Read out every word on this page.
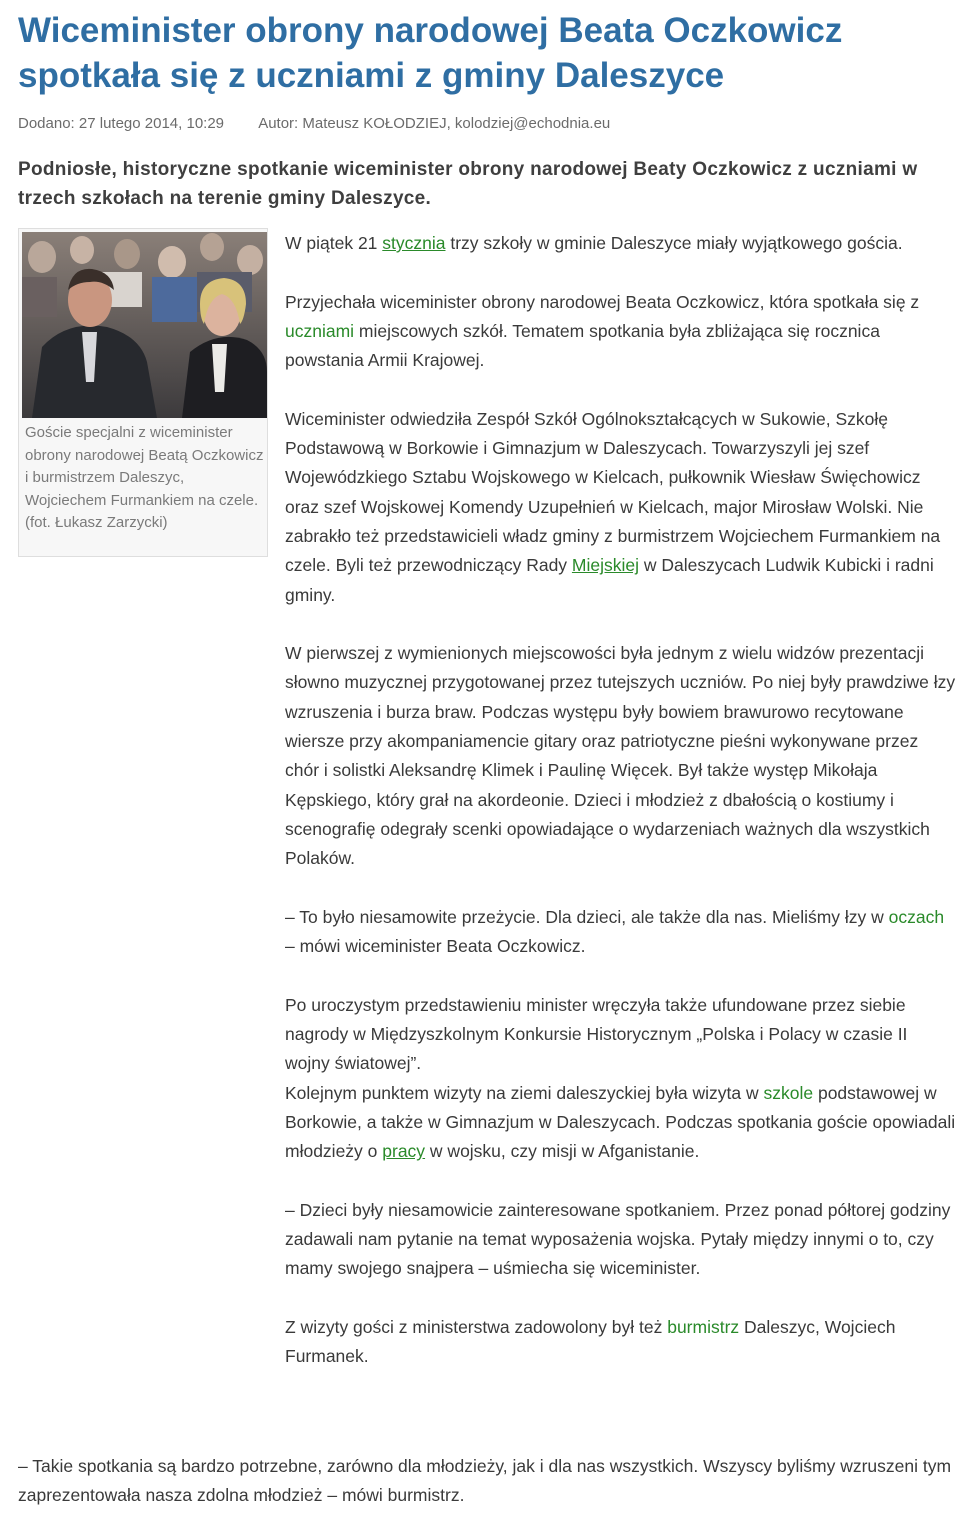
Wiceminister obrony narodowej Beata Oczkowicz spotkała się z uczniami z gminy Daleszyce
Dodano: 27 lutego 2014, 10:29 Autor: Mateusz KOŁODZIEJ, kolodziej@echodnia.eu

Podniosłe, historyczne spotkanie wiceminister obrony narodowej Beaty Oczkowicz z uczniami w trzech szkołach na terenie gminy Daleszyce.

Goście specjalni z wiceminister obrony narodowej Beatą Oczkowicz i burmistrzem Daleszyc, Wojciechem Furmankiem na czele. (fot. Łukasz Zarzycki)

W piątek 21 stycznia trzy szkoły w gminie Daleszyce miały wyjątkowego gościa.

Przyjechała wiceminister obrony narodowej Beata Oczkowicz, która spotkała się z uczniami miejscowych szkół. Tematem spotkania była zbliżająca się rocznica powstania Armii Krajowej.

Wiceminister odwiedziła Zespół Szkół Ogólnokształcących w Sukowie, Szkołę Podstawową w Borkowie i Gimnazjum w Daleszycach. Towarzyszyli jej szef Wojewódzkiego Sztabu Wojskowego w Kielcach, pułkownik Wiesław Święchowicz oraz szef Wojskowej Komendy Uzupełnień w Kielcach, major Mirosław Wolski. Nie zabrakło też przedstawicieli władz gminy z burmistrzem Wojciechem Furmankiem na czele. Byli też przewodniczący Rady Miejskiej w Daleszycach Ludwik Kubicki i radni gminy.

W pierwszej z wymienionych miejscowości była jednym z wielu widzów prezentacji słowno muzycznej przygotowanej przez tutejszych uczniów. Po niej były prawdziwe łzy wzruszenia i burza braw. Podczas występu były bowiem brawurowo recytowane wiersze przy akompaniamencie gitary oraz patriotyczne pieśni wykonywane przez chór i solistki Aleksandrę Klimek i Paulinę Więcek. Był także występ Mikołaja Kępskiego, który grał na akordeonie. Dzieci i młodzież z dbałością o kostiumy i scenografię odegrały scenki opowiadające o wydarzeniach ważnych dla wszystkich Polaków.

– To było niesamowite przeżycie. Dla dzieci, ale także dla nas. Mieliśmy łzy w oczach – mówi wiceminister Beata Oczkowicz.

Po uroczystym przedstawieniu minister wręczyła także ufundowane przez siebie nagrody w Międzyszkolnym Konkursie Historycznym „Polska i Polacy w czasie II wojny światowej”.

Kolejnym punktem wizyty na ziemi daleszyckiej była wizyta w szkole podstawowej w Borkowie, a także w Gimnazjum w Daleszycach. Podczas spotkania goście opowiadali młodzieży o pracy w wojsku, czy misji w Afganistanie.

– Dzieci były niesamowicie zainteresowane spotkaniem. Przez ponad półtorej godziny zadawali nam pytanie na temat wyposażenia wojska. Pytały między innymi o to, czy mamy swojego snajpera – uśmiecha się wiceminister.

Z wizyty gości z ministerstwa zadowolony był też burmistrz Daleszyc, Wojciech Furmanek.

– Takie spotkania są bardzo potrzebne, zarówno dla młodzieży, jak i dla nas wszystkich. Wszyscy byliśmy wzruszeni tym zaprezentowała nasza zdolna młodzież – mówi burmistrz.
